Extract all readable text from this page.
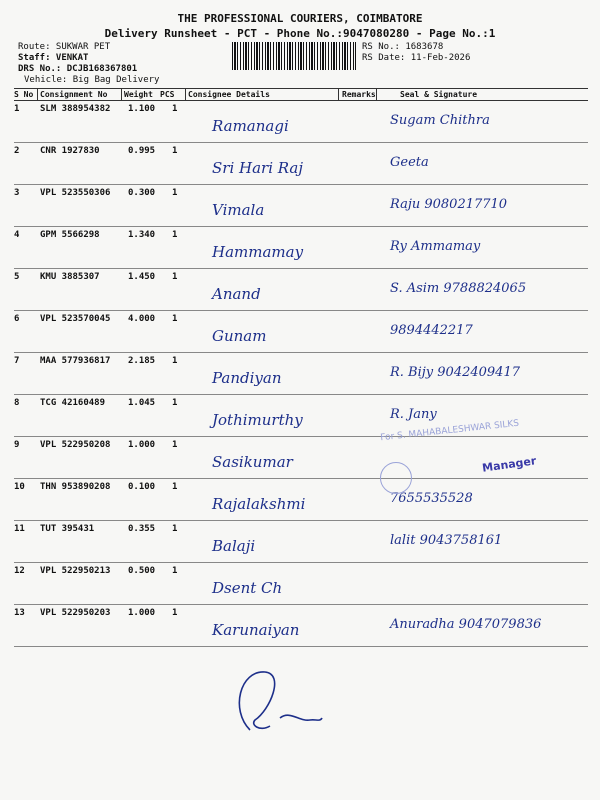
THE PROFESSIONAL COURIERS, COIMBATORE
Delivery Runsheet - PCT - Phone No.:9047080280 - Page No.:1
Route: SUKWAR PET
Staff: VENKAT
DRS No.: DCJB168367801
Vehicle: Big Bag Delivery
RS No.: 1683678
RS Date: 11-Feb-2026
S No Consignment No Weight PCS Consignee Details	Remarks	Seal & Signature
1 SLM 388954382 1.100 1
Ramanagi	Sugam Chithra
2 CNR 1927830	0.995 1
Sri Hari Raj	Geeta
3 VPL 523550306 0.300 1
Vimala	Raju 9080217710
4 GPM 5566298	1.340 1
Hammamay	Ry Ammamay
5 KMU 3885307	1.450 1
Anand	S. Asim 9788824065
6 VPL 523570045 4.000 1
Gunam	9894442217
7 MAA 577936817 2.185 1
Pandiyan	R. Bijy 9042409417
8 TCG 42160489	1.045 1
Jothimurthy	R. Jany
9 VPL 522950208 1.000 1
Sasikumar
10 THN 953890208 0.100 1
Rajalakshmi	7655535528
11 TUT 395431	0.355 1
Balaji	lalit 9043758161
12 VPL 522950213 0.500 1
Dsent Ch
13 VPL 522950203 1.000 1
Karunaiyan	Anuradha 9047079836
For S. MAHABALESHWAR SILKS
Manager
